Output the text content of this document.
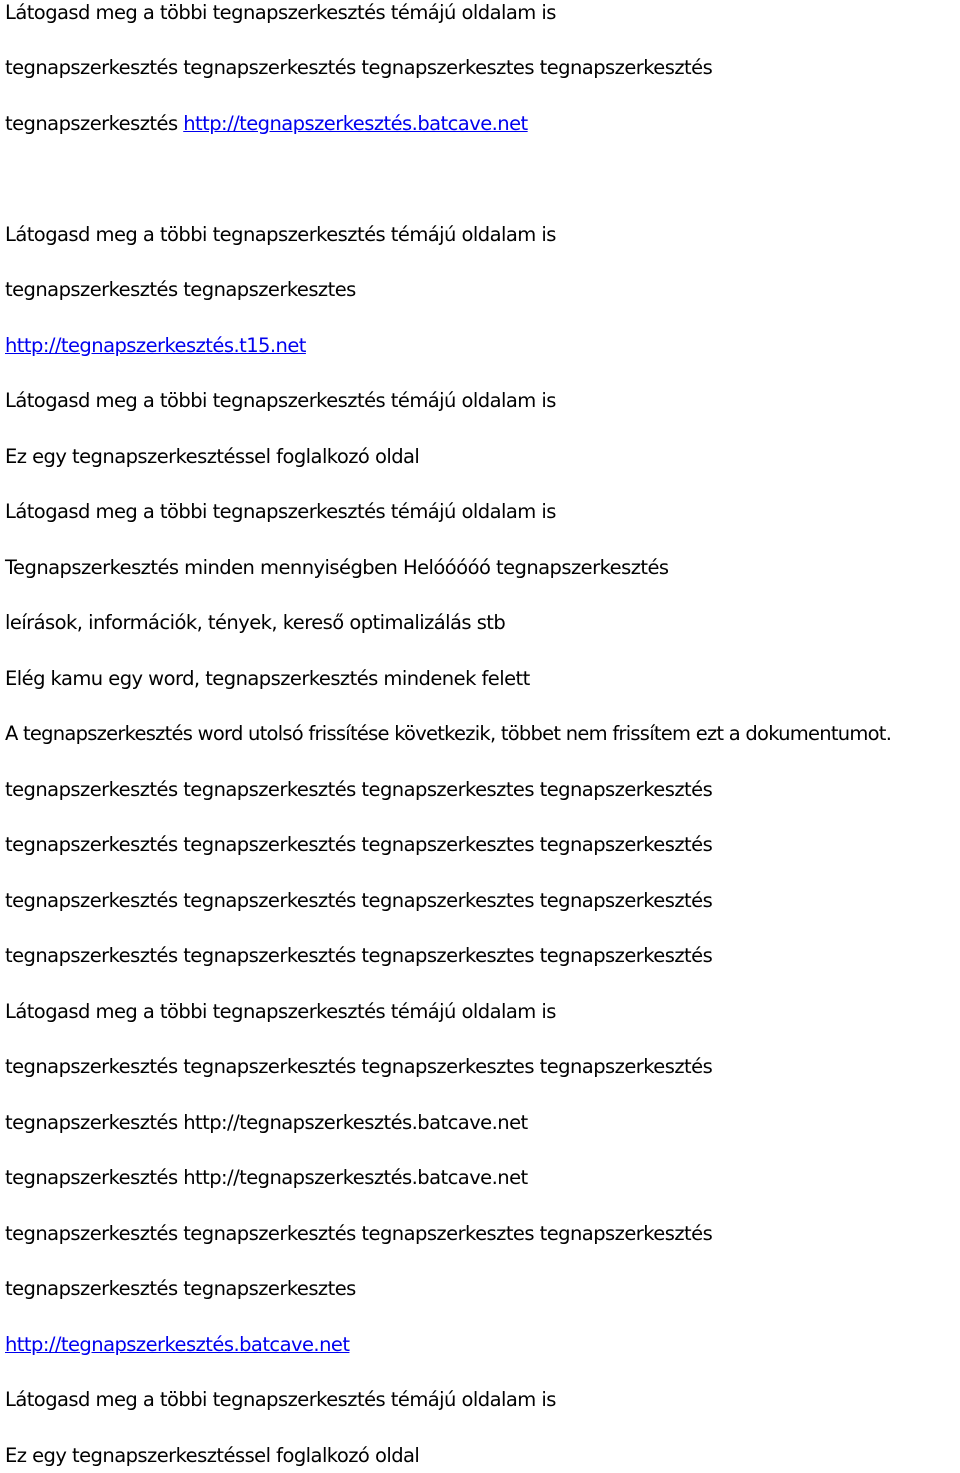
Látogasd meg a többi tegnapszerkesztés témájú oldalam is
tegnapszerkesztés tegnapszerkesztés tegnapszerkesztes tegnapszerkesztés
tegnapszerkesztés http://tegnapszerkesztés.batcave.net
Látogasd meg a többi tegnapszerkesztés témájú oldalam is
tegnapszerkesztés tegnapszerkesztes
http://tegnapszerkesztés.t15.net
Látogasd meg a többi tegnapszerkesztés témájú oldalam is
Ez egy tegnapszerkesztéssel foglalkozó oldal
Látogasd meg a többi tegnapszerkesztés témájú oldalam is
Tegnapszerkesztés minden mennyiségben Helóóóóó tegnapszerkesztés
leírások, információk, tények, kereső optimalizálás stb
Elég kamu egy word, tegnapszerkesztés mindenek felett
A tegnapszerkesztés word utolsó frissítése következik, többet nem frissítem ezt a dokumentumot.
tegnapszerkesztés tegnapszerkesztés tegnapszerkesztes tegnapszerkesztés
tegnapszerkesztés tegnapszerkesztés tegnapszerkesztes tegnapszerkesztés
tegnapszerkesztés tegnapszerkesztés tegnapszerkesztes tegnapszerkesztés
tegnapszerkesztés tegnapszerkesztés tegnapszerkesztes tegnapszerkesztés
Látogasd meg a többi tegnapszerkesztés témájú oldalam is
tegnapszerkesztés tegnapszerkesztés tegnapszerkesztes tegnapszerkesztés
tegnapszerkesztés http://tegnapszerkesztés.batcave.net
tegnapszerkesztés http://tegnapszerkesztés.batcave.net
tegnapszerkesztés tegnapszerkesztés tegnapszerkesztes tegnapszerkesztés
tegnapszerkesztés tegnapszerkesztes
http://tegnapszerkesztés.batcave.net
Látogasd meg a többi tegnapszerkesztés témájú oldalam is
Ez egy tegnapszerkesztéssel foglalkozó oldal
